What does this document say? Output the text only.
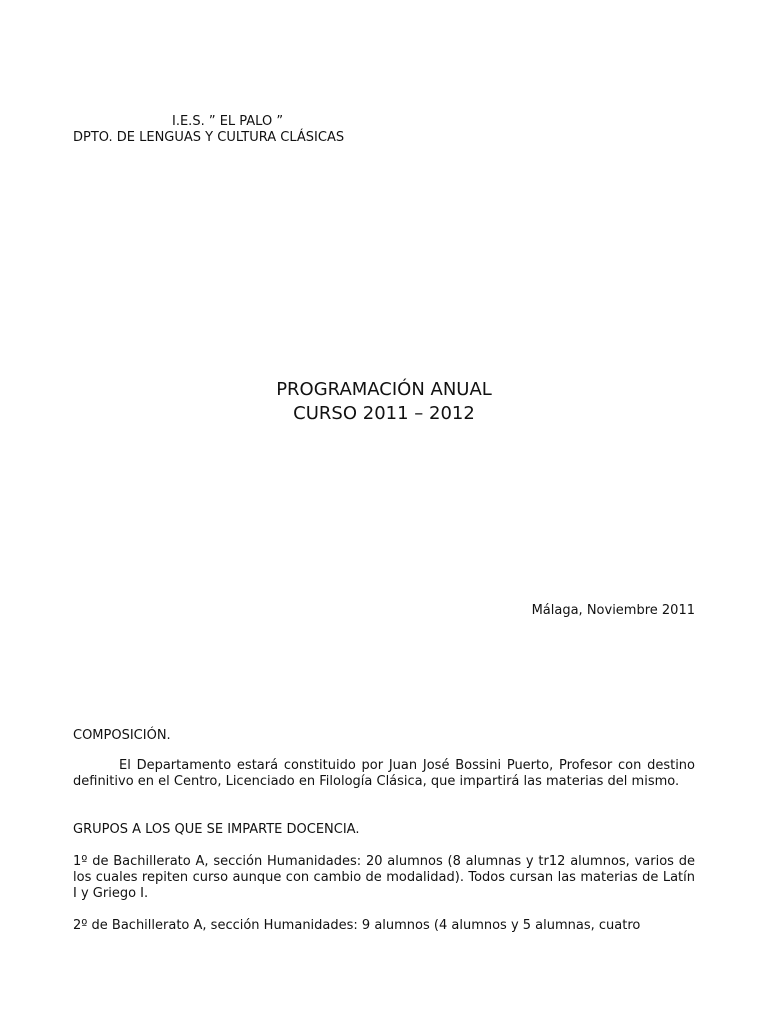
I.E.S. ” EL PALO ”
DPTO. DE LENGUAS Y CULTURA CLÁSICAS
PROGRAMACIÓN ANUAL
CURSO 2011 – 2012
Málaga, Noviembre 2011

COMPOSICIÓN.

El Departamento estará constituido por Juan José Bossini Puerto, Profesor con destino definitivo en el Centro, Licenciado en Filología Clásica, que impartirá las materias del mismo.

GRUPOS A LOS QUE SE IMPARTE DOCENCIA.

1º de Bachillerato A, sección Humanidades: 20 alumnos (8 alumnas y tr12 alumnos, varios de los cuales repiten curso aunque con cambio de modalidad). Todos cursan las materias de Latín I y Griego I.

2º de Bachillerato A, sección Humanidades: 9 alumnos (4 alumnos y 5 alumnas, cuatro
